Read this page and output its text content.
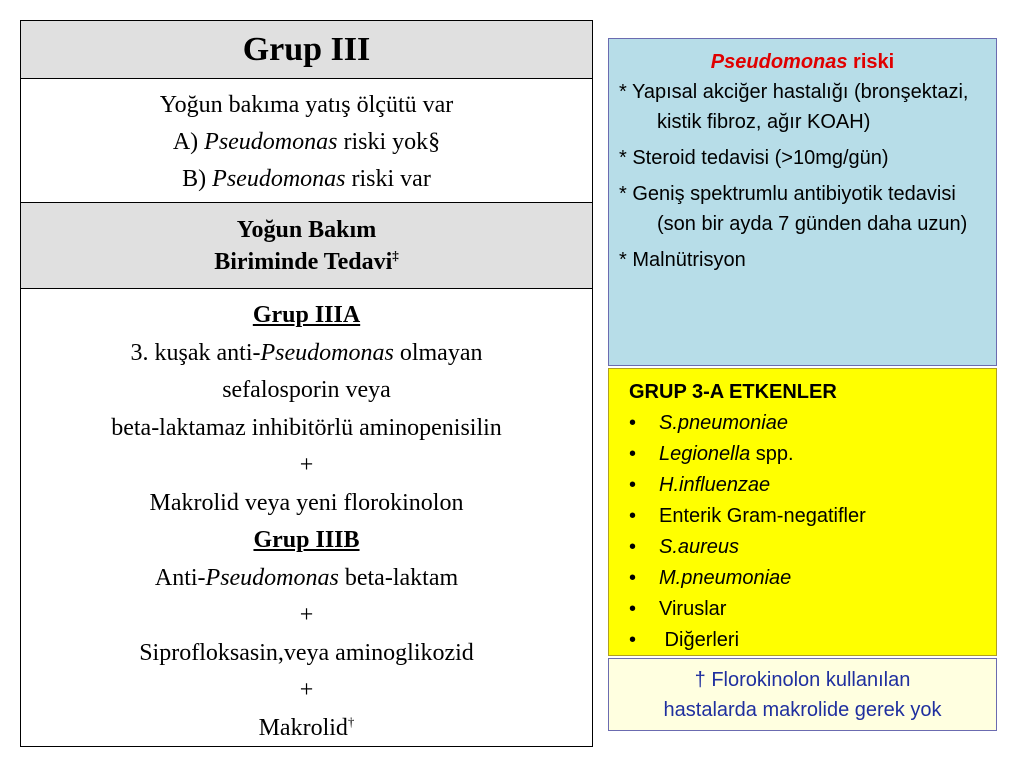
Grup III
Yoğun bakıma yatış ölçütü var
A) Pseudomonas riski yok§
B) Pseudomonas riski var
Yoğun Bakım
Biriminde Tedavi‡
Grup IIIA
3. kuşak anti-Pseudomonas olmayan
sefalosporin veya
beta-laktamaz inhibitörlü aminopenisilin
+
Makrolid veya yeni florokinolon
Grup IIIB
Anti-Pseudomonas beta-laktam
+
Siprofloksasin,veya aminoglikozid
+
Makrolid†
Pseudomonas riski
* Yapısal akciğer hastalığı (bronşektazi, kistik fibroz, ağır KOAH)
* Steroid tedavisi (>10mg/gün)
* Geniş spektrumlu antibiyotik tedavisi (son bir ayda 7 günden daha uzun)
* Malnütrisyon
GRUP 3-A ETKENLER
• S.pneumoniae
• Legionella spp.
• H.influenzae
• Enterik Gram-negatifler
• S.aureus
• M.pneumoniae
• Viruslar
• Diğerleri
† Florokinolon kullanılan
hastalarda makrolide gerek yok
